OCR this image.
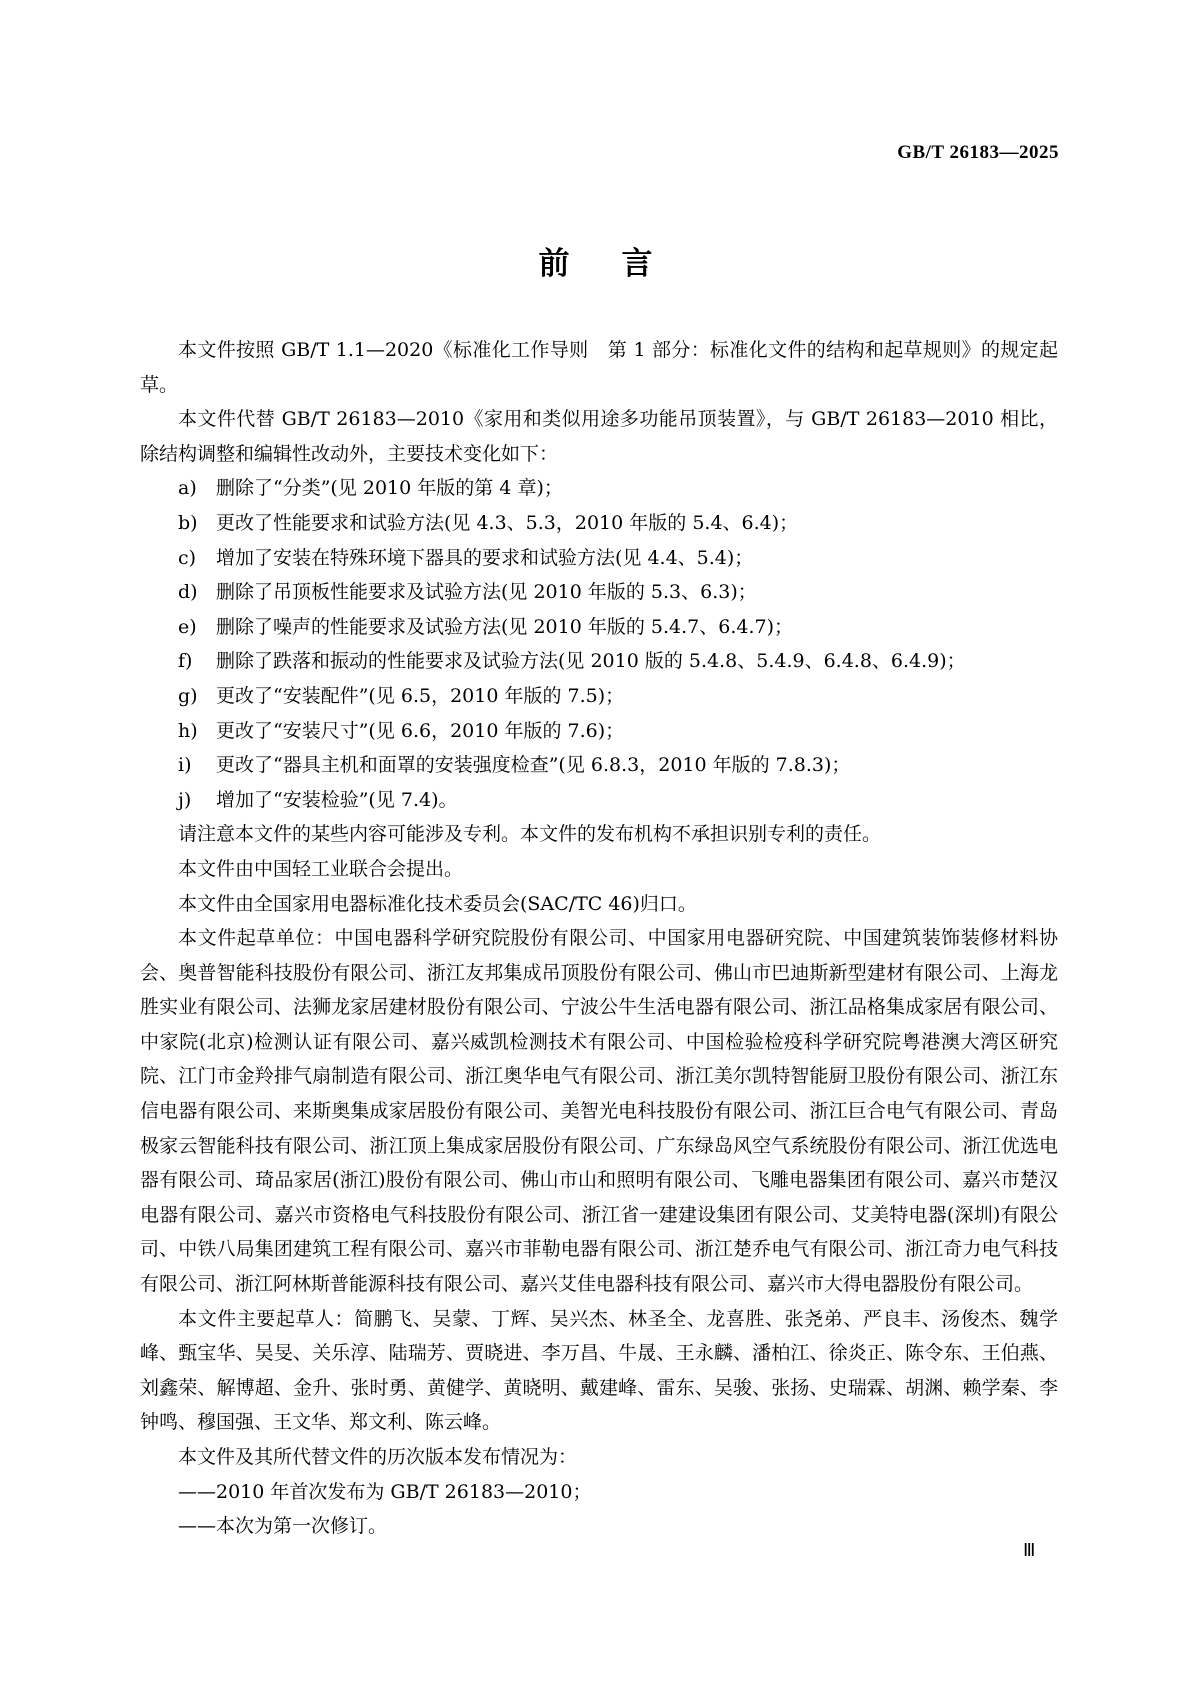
GB/T 26183—2025
前言

本文件按照 GB/T 1.1—2020《标准化工作导则　第 1 部分：标准化文件的结构和起草规则》的规定起草。

本文件代替 GB/T 26183—2010《家用和类似用途多功能吊顶装置》，与 GB/T 26183—2010 相比，除结构调整和编辑性改动外，主要技术变化如下：

a)	删除了“分类”(见 2010 年版的第 4 章)；
b) 更改了性能要求和试验方法(见 4.3、5.3，2010 年版的 5.4、6.4)；
c)	增加了安装在特殊环境下器具的要求和试验方法(见 4.4、5.4)；
d) 删除了吊顶板性能要求及试验方法(见 2010 年版的 5.3、6.3)；
e)	删除了噪声的性能要求及试验方法(见 2010 年版的 5.4.7、6.4.7)；
f)	删除了跌落和振动的性能要求及试验方法(见 2010 版的 5.4.8、5.4.9、6.4.8、6.4.9)；
g) 更改了“安装配件”(见 6.5，2010 年版的 7.5)；
h) 更改了“安装尺寸”(见 6.6，2010 年版的 7.6)；
i)	更改了“器具主机和面罩的安装强度检查”(见 6.8.3，2010 年版的 7.8.3)；
j)	增加了“安装检验”(见 7.4)。

请注意本文件的某些内容可能涉及专利。本文件的发布机构不承担识别专利的责任。

本文件由中国轻工业联合会提出。

本文件由全国家用电器标准化技术委员会(SAC/TC 46)归口。

本文件起草单位：中国电器科学研究院股份有限公司、中国家用电器研究院、中国建筑装饰装修材料协会、奥普智能科技股份有限公司、浙江友邦集成吊顶股份有限公司、佛山市巴迪斯新型建材有限公司、上海龙胜实业有限公司、法狮龙家居建材股份有限公司、宁波公牛生活电器有限公司、浙江品格集成家居有限公司、中家院(北京)检测认证有限公司、嘉兴威凯检测技术有限公司、中国检验检疫科学研究院粤港澳大湾区研究院、江门市金羚排气扇制造有限公司、浙江奥华电气有限公司、浙江美尔凯特智能厨卫股份有限公司、浙江东信电器有限公司、来斯奥集成家居股份有限公司、美智光电科技股份有限公司、浙江巨合电气有限公司、青岛极家云智能科技有限公司、浙江顶上集成家居股份有限公司、广东绿岛风空气系统股份有限公司、浙江优选电器有限公司、琦品家居(浙江)股份有限公司、佛山市山和照明有限公司、飞雕电器集团有限公司、嘉兴市楚汉电器有限公司、嘉兴市资格电气科技股份有限公司、浙江省一建建设集团有限公司、艾美特电器(深圳)有限公司、中铁八局集团建筑工程有限公司、嘉兴市菲勒电器有限公司、浙江楚乔电气有限公司、浙江奇力电气科技有限公司、浙江阿林斯普能源科技有限公司、嘉兴艾佳电器科技有限公司、嘉兴市大得电器股份有限公司。

本文件主要起草人：简鹏飞、吴蒙、丁辉、吴兴杰、林圣全、龙喜胜、张尧弟、严良丰、汤俊杰、魏学峰、甄宝华、吴旻、关乐淳、陆瑞芳、贾晓进、李万昌、牛晟、王永麟、潘柏江、徐炎正、陈令东、王伯燕、刘鑫荣、解博超、金升、张时勇、黄健学、黄晓明、戴建峰、雷东、吴骏、张扬、史瑞霖、胡渊、赖学秦、李钟鸣、穆国强、王文华、郑文利、陈云峰。

本文件及其所代替文件的历次版本发布情况为：

——2010 年首次发布为 GB/T 26183—2010；
——本次为第一次修订。
Ⅲ
